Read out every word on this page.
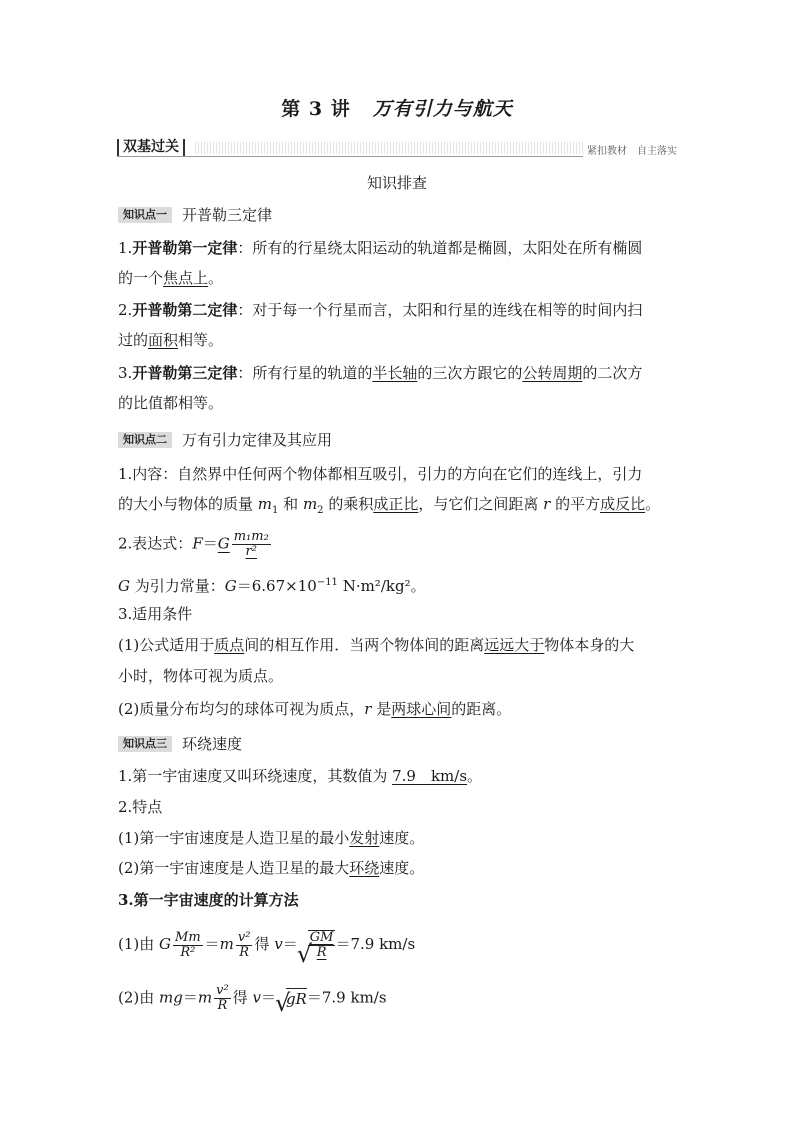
第 3 讲 万有引力与航天
双基过关	紧扣教材　自主落实
知识排查
知识点一 开普勒三定律
1.开普勒第一定律：所有的行星绕太阳运动的轨道都是椭圆，太阳处在所有椭圆
的一个焦点上。
2.开普勒第二定律：对于每一个行星而言，太阳和行星的连线在相等的时间内扫
过的面积相等。
3.开普勒第三定律：所有行星的轨道的半长轴的三次方跟它的公转周期的二次方
的比值都相等。
知识点二 万有引力定律及其应用
1.内容：自然界中任何两个物体都相互吸引，引力的方向在它们的连线上，引力
的大小与物体的质量 $m_1$ 和 $m_2$ 的乘积成正比，与它们之间距离 r 的平方成反比。
2.表达式：$F=G \frac{\text{m₁m₂}}{\text{r²}}$
G 为引力常量：$G=6.67\times 10^{-11}$ N·m²/kg²。
3.适用条件
(1)公式适用于质点间的相互作用．当两个物体间的距离远远大于物体本身的大
小时，物体可视为质点。
(2)质量分布均匀的球体可视为质点，r 是两球心间的距离。
知识点三 环绕速度
1.第一宇宙速度又叫环绕速度，其数值为 7.9　km/s。
2.特点
(1)第一宇宙速度是人造卫星的最小发射速度。
(2)第一宇宙速度是人造卫星的最大环绕速度。
3.第一宇宙速度的计算方法
(1)由 G $\frac{Mm}{\text{R²}} =m \frac{\text{v²}}{R}$ 得 v＝ √ $\frac{GM}{R} =7.9$ km/s
(2)由 $mg=m \frac{\text{v²}}{R}$ 得 v＝ √ gR＝7.9 km/s
